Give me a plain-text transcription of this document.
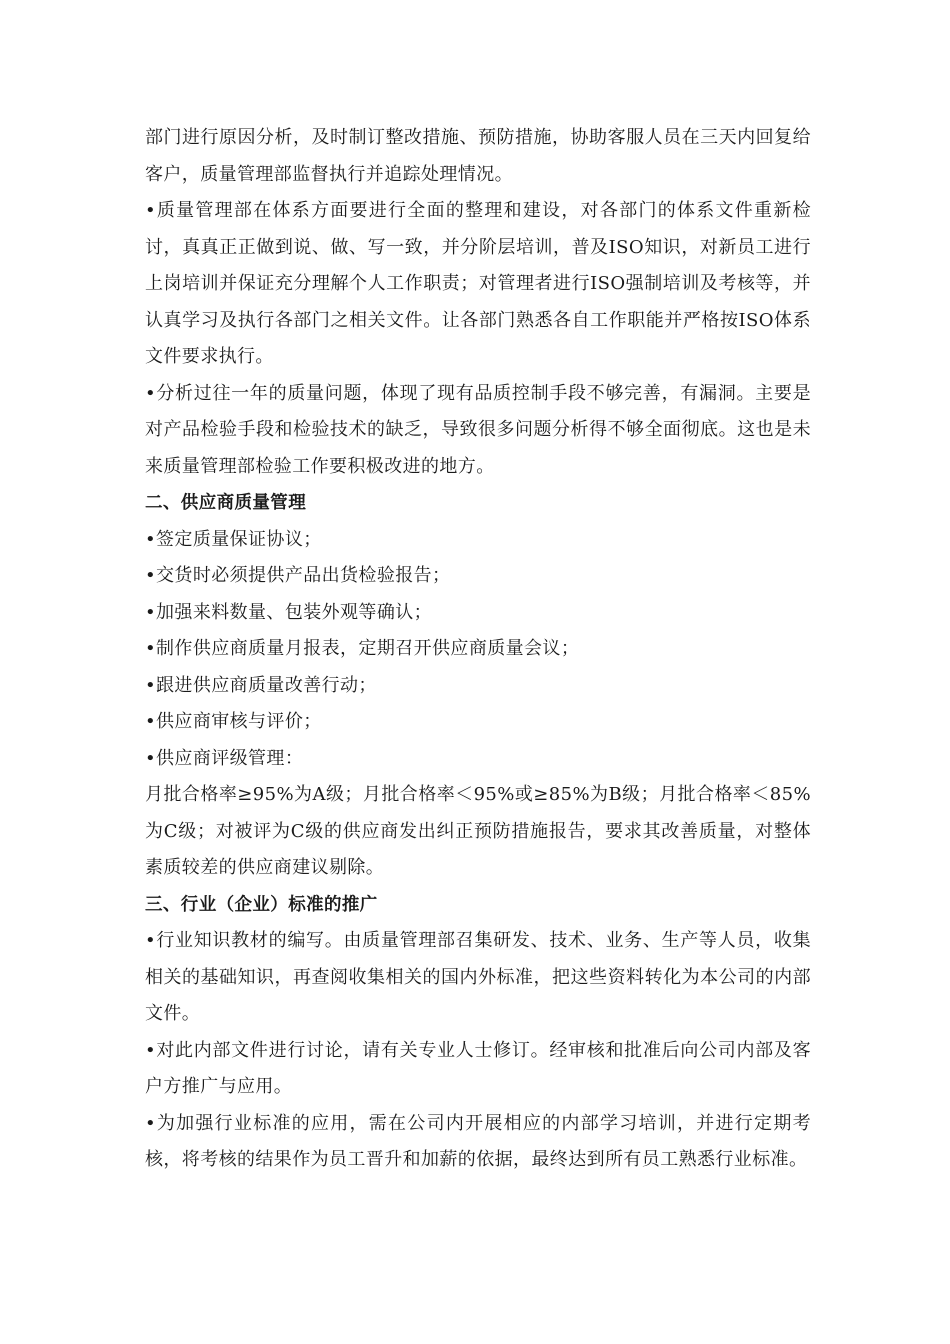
部门进行原因分析，及时制订整改措施、预防措施，协助客服人员在三天内回复给客户，质量管理部监督执行并追踪处理情况。

•质量管理部在体系方面要进行全面的整理和建设，对各部门的体系文件重新检讨，真真正正做到说、做、写一致，并分阶层培训，普及ISO知识，对新员工进行上岗培训并保证充分理解个人工作职责；对管理者进行ISO强制培训及考核等，并认真学习及执行各部门之相关文件。让各部门熟悉各自工作职能并严格按ISO体系文件要求执行。

•分析过往一年的质量问题，体现了现有品质控制手段不够完善，有漏洞。主要是对产品检验手段和检验技术的缺乏，导致很多问题分析得不够全面彻底。这也是未来质量管理部检验工作要积极改进的地方。

二、供应商质量管理

•签定质量保证协议；

•交货时必须提供产品出货检验报告；

•加强来料数量、包装外观等确认；

•制作供应商质量月报表，定期召开供应商质量会议；

•跟进供应商质量改善行动；

•供应商审核与评价；

•供应商评级管理：

月批合格率≥95%为A级；月批合格率＜95%或≥85%为B级；月批合格率＜85%为C级；对被评为C级的供应商发出纠正预防措施报告，要求其改善质量，对整体素质较差的供应商建议剔除。

三、行业（企业）标准的推广

•行业知识教材的编写。由质量管理部召集研发、技术、业务、生产等人员，收集相关的基础知识，再查阅收集相关的国内外标准，把这些资料转化为本公司的内部文件。

•对此内部文件进行讨论，请有关专业人士修订。经审核和批准后向公司内部及客户方推广与应用。

•为加强行业标准的应用，需在公司内开展相应的内部学习培训，并进行定期考核，将考核的结果作为员工晋升和加薪的依据，最终达到所有员工熟悉行业标准。
